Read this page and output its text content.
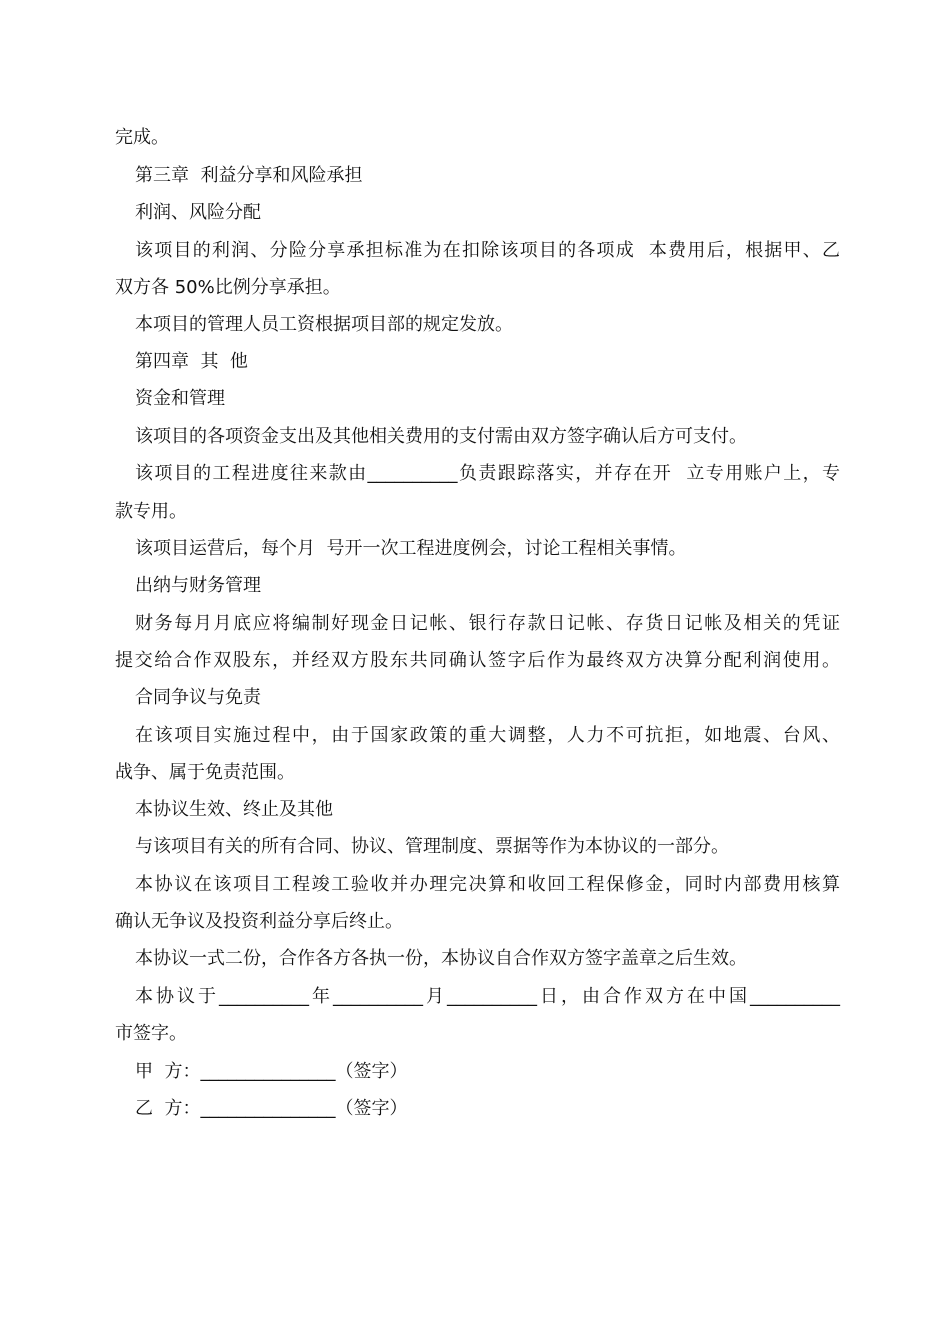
完成。
第三章  利益分享和风险承担
利润、风险分配
该项目的利润、分险分享承担标准为在扣除该项目的各项成  本费用后，根据甲、乙
双方各 50%比例分享承担。
本项目的管理人员工资根据项目部的规定发放。
第四章  其  他
资金和管理
该项目的各项资金支出及其他相关费用的支付需由双方签字确认后方可支付。
该项目的工程进度往来款由__________负责跟踪落实，并存在开  立专用账户上，专
款专用。
该项目运营后，每个月  号开一次工程进度例会，讨论工程相关事情。
出纳与财务管理
财务每月月底应将编制好现金日记帐、银行存款日记帐、存货日记帐及相关的凭证
提交给合作双股东，并经双方股东共同确认签字后作为最终双方决算分配利润使用。
合同争议与免责
在该项目实施过程中，由于国家政策的重大调整，人力不可抗拒，如地震、台风、
战争、属于免责范围。
本协议生效、终止及其他
与该项目有关的所有合同、协议、管理制度、票据等作为本协议的一部分。
本协议在该项目工程竣工验收并办理完决算和收回工程保修金，同时内部费用核算
确认无争议及投资利益分享后终止。
本协议一式二份，合作各方各执一份，本协议自合作双方签字盖章之后生效。
本协议于__________年__________月__________日，由合作双方在中国__________
市签字。
甲  方：_______________（签字）
乙  方：_______________（签字）
